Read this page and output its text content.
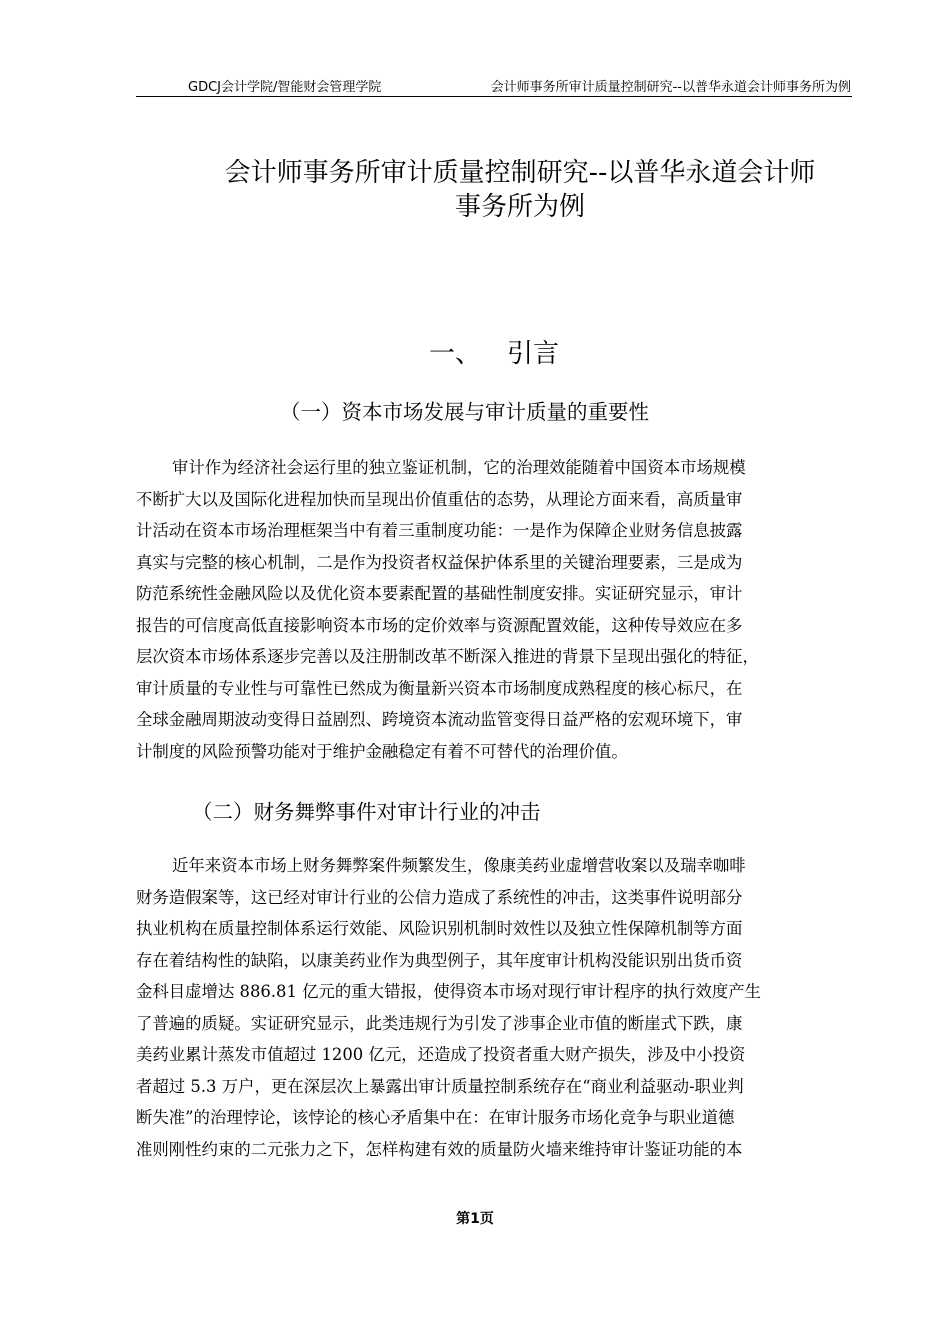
GDCJ会计学院/智能财会管理学院	会计师事务所审计质量控制研究--以普华永道会计师事务所为例
会计师事务所审计质量控制研究--以普华永道会计师
事务所为例
一、 引言
（一）资本市场发展与审计质量的重要性
审计作为经济社会运行里的独立鉴证机制，它的治理效能随着中国资本市场规模
不断扩大以及国际化进程加快而呈现出价值重估的态势，从理论方面来看，高质量审
计活动在资本市场治理框架当中有着三重制度功能：一是作为保障企业财务信息披露
真实与完整的核心机制，二是作为投资者权益保护体系里的关键治理要素，三是成为
防范系统性金融风险以及优化资本要素配置的基础性制度安排。实证研究显示，审计
报告的可信度高低直接影响资本市场的定价效率与资源配置效能，这种传导效应在多
层次资本市场体系逐步完善以及注册制改革不断深入推进的背景下呈现出强化的特征，
审计质量的专业性与可靠性已然成为衡量新兴资本市场制度成熟程度的核心标尺，在
全球金融周期波动变得日益剧烈、跨境资本流动监管变得日益严格的宏观环境下，审
计制度的风险预警功能对于维护金融稳定有着不可替代的治理价值。
（二）财务舞弊事件对审计行业的冲击
近年来资本市场上财务舞弊案件频繁发生，像康美药业虚增营收案以及瑞幸咖啡
财务造假案等，这已经对审计行业的公信力造成了系统性的冲击，这类事件说明部分
执业机构在质量控制体系运行效能、风险识别机制时效性以及独立性保障机制等方面
存在着结构性的缺陷，以康美药业作为典型例子，其年度审计机构没能识别出货币资
金科目虚增达 886.81 亿元的重大错报，使得资本市场对现行审计程序的执行效度产生
了普遍的质疑。实证研究显示，此类违规行为引发了涉事企业市值的断崖式下跌，康
美药业累计蒸发市值超过 1200 亿元，还造成了投资者重大财产损失，涉及中小投资
者超过 5.3 万户，更在深层次上暴露出审计质量控制系统存在“商业利益驱动-职业判
断失准”的治理悖论，该悖论的核心矛盾集中在：在审计服务市场化竞争与职业道德
准则刚性约束的二元张力之下，怎样构建有效的质量防火墙来维持审计鉴证功能的本
第1页
